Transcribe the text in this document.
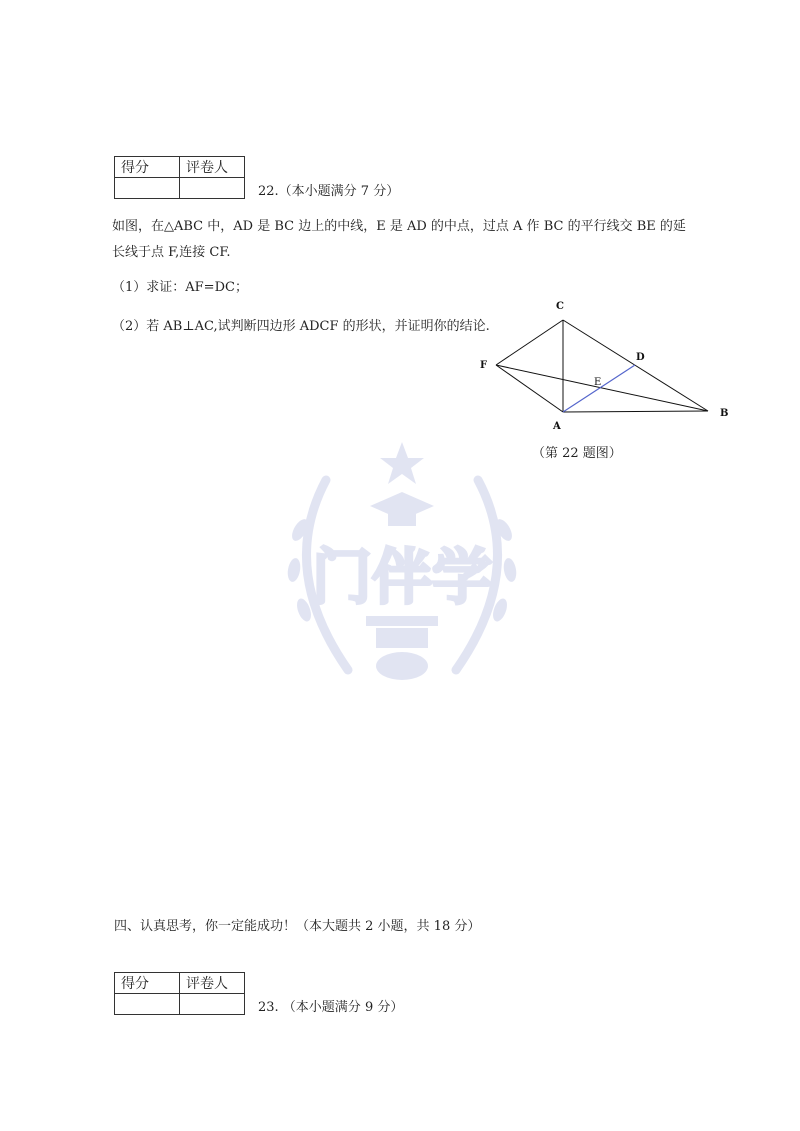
得分	评卷人

22.（本小题满分 7 分）
如图，在△ABC 中，AD 是 BC 边上的中线，E 是 AD 的中点，过点 A 作 BC 的平行线交 BE 的延
长线于点 F,连接 CF.
（1）求证：AF=DC；
（2）若 AB⊥AC,试判断四边形 ADCF 的形状，并证明你的结论.
C
F
D
E
A
B
（第 22 题图）
门伴学
四、认真思考，你一定能成功！（本大题共 2 小题，共 18 分）
得分	评卷人

23. （本小题满分 9 分）
